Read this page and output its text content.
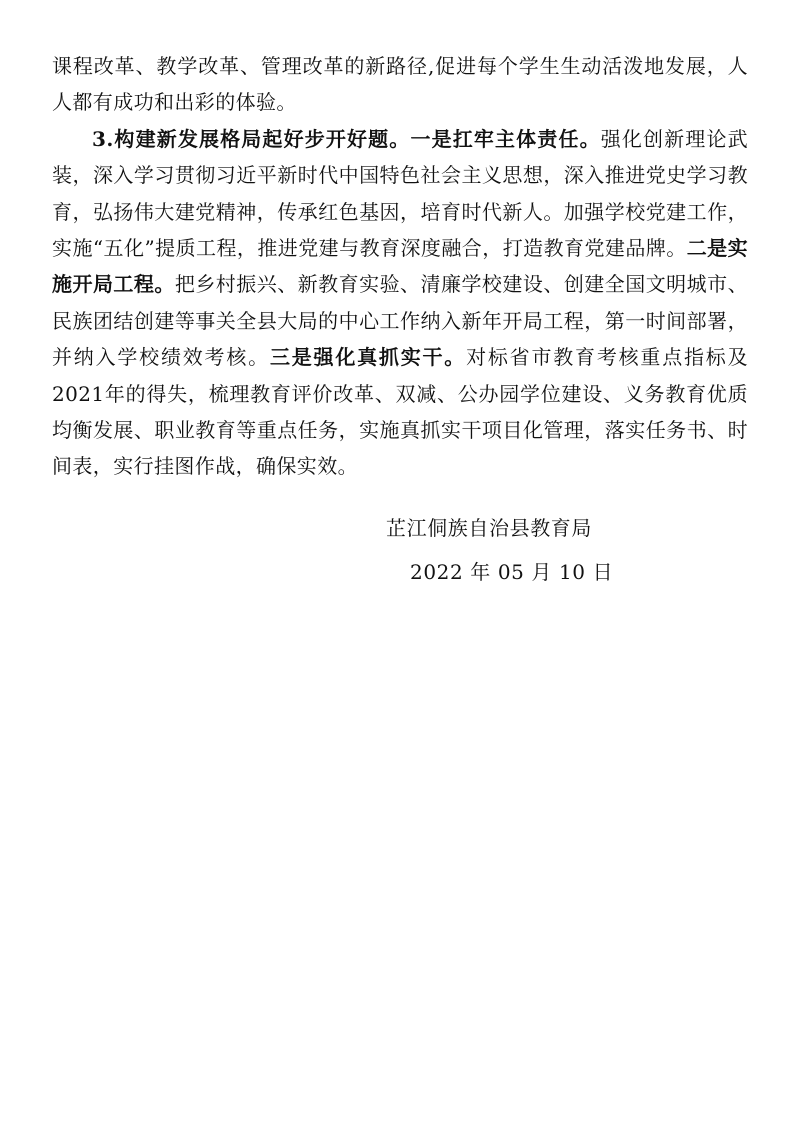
课程改革、教学改革、管理改革的新路径,促进每个学生生动活泼地发展，人人都有成功和出彩的体验。

3.构建新发展格局起好步开好题。一是扛牢主体责任。强化创新理论武装，深入学习贯彻习近平新时代中国特色社会主义思想，深入推进党史学习教育，弘扬伟大建党精神，传承红色基因，培育时代新人。加强学校党建工作，实施“五化”提质工程，推进党建与教育深度融合，打造教育党建品牌。二是实施开局工程。把乡村振兴、新教育实验、清廉学校建设、创建全国文明城市、民族团结创建等事关全县大局的中心工作纳入新年开局工程，第一时间部署，并纳入学校绩效考核。三是强化真抓实干。对标省市教育考核重点指标及2021年的得失，梳理教育评价改革、双减、公办园学位建设、义务教育优质均衡发展、职业教育等重点任务，实施真抓实干项目化管理，落实任务书、时间表，实行挂图作战，确保实效。

芷江侗族自治县教育局
2022 年 05 月 10 日
